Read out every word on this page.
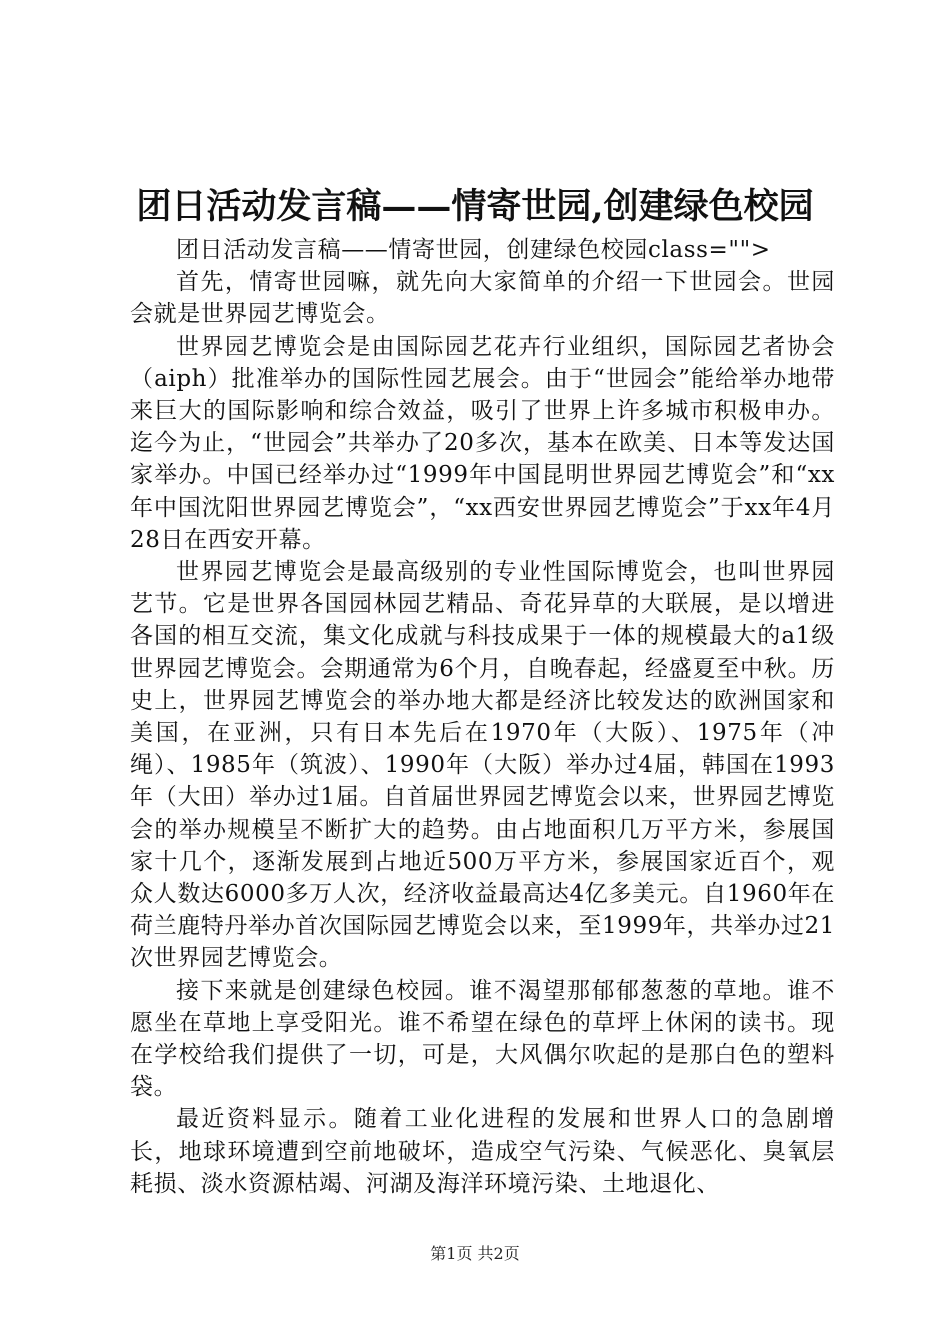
团日活动发言稿——情寄世园,创建绿色校园

团日活动发言稿——情寄世园，创建绿色校园class="">

首先，情寄世园嘛，就先向大家简单的介绍一下世园会。世园会就是世界园艺博览会。

世界园艺博览会是由国际园艺花卉行业组织，国际园艺者协会（aiph）批准举办的国际性园艺展会。由于“世园会”能给举办地带来巨大的国际影响和综合效益，吸引了世界上许多城市积极申办。迄今为止，“世园会”共举办了20多次，基本在欧美、日本等发达国家举办。中国已经举办过“1999年中国昆明世界园艺博览会”和“xx年中国沈阳世界园艺博览会”，“xx西安世界园艺博览会”于xx年4月28日在西安开幕。

世界园艺博览会是最高级别的专业性国际博览会，也叫世界园艺节。它是世界各国园林园艺精品、奇花异草的大联展，是以增进各国的相互交流，集文化成就与科技成果于一体的规模最大的a1级世界园艺博览会。会期通常为6个月，自晚春起，经盛夏至中秋。历史上，世界园艺博览会的举办地大都是经济比较发达的欧洲国家和美国，在亚洲，只有日本先后在1970年（大阪）、1975年（冲绳）、1985年（筑波）、1990年（大阪）举办过4届，韩国在1993年（大田）举办过1届。自首届世界园艺博览会以来，世界园艺博览会的举办规模呈不断扩大的趋势。由占地面积几万平方米，参展国家十几个，逐渐发展到占地近500万平方米，参展国家近百个，观众人数达6000多万人次，经济收益最高达4亿多美元。自1960年在荷兰鹿特丹举办首次国际园艺博览会以来，至1999年，共举办过21次世界园艺博览会。

接下来就是创建绿色校园。谁不渴望那郁郁葱葱的草地。谁不愿坐在草地上享受阳光。谁不希望在绿色的草坪上休闲的读书。现在学校给我们提供了一切，可是，大风偶尔吹起的是那白色的塑料袋。

最近资料显示。随着工业化进程的发展和世界人口的急剧增长，地球环境遭到空前地破坏，造成空气污染、气候恶化、臭氧层耗损、淡水资源枯竭、河湖及海洋环境污染、土地退化、

第1页 共2页
